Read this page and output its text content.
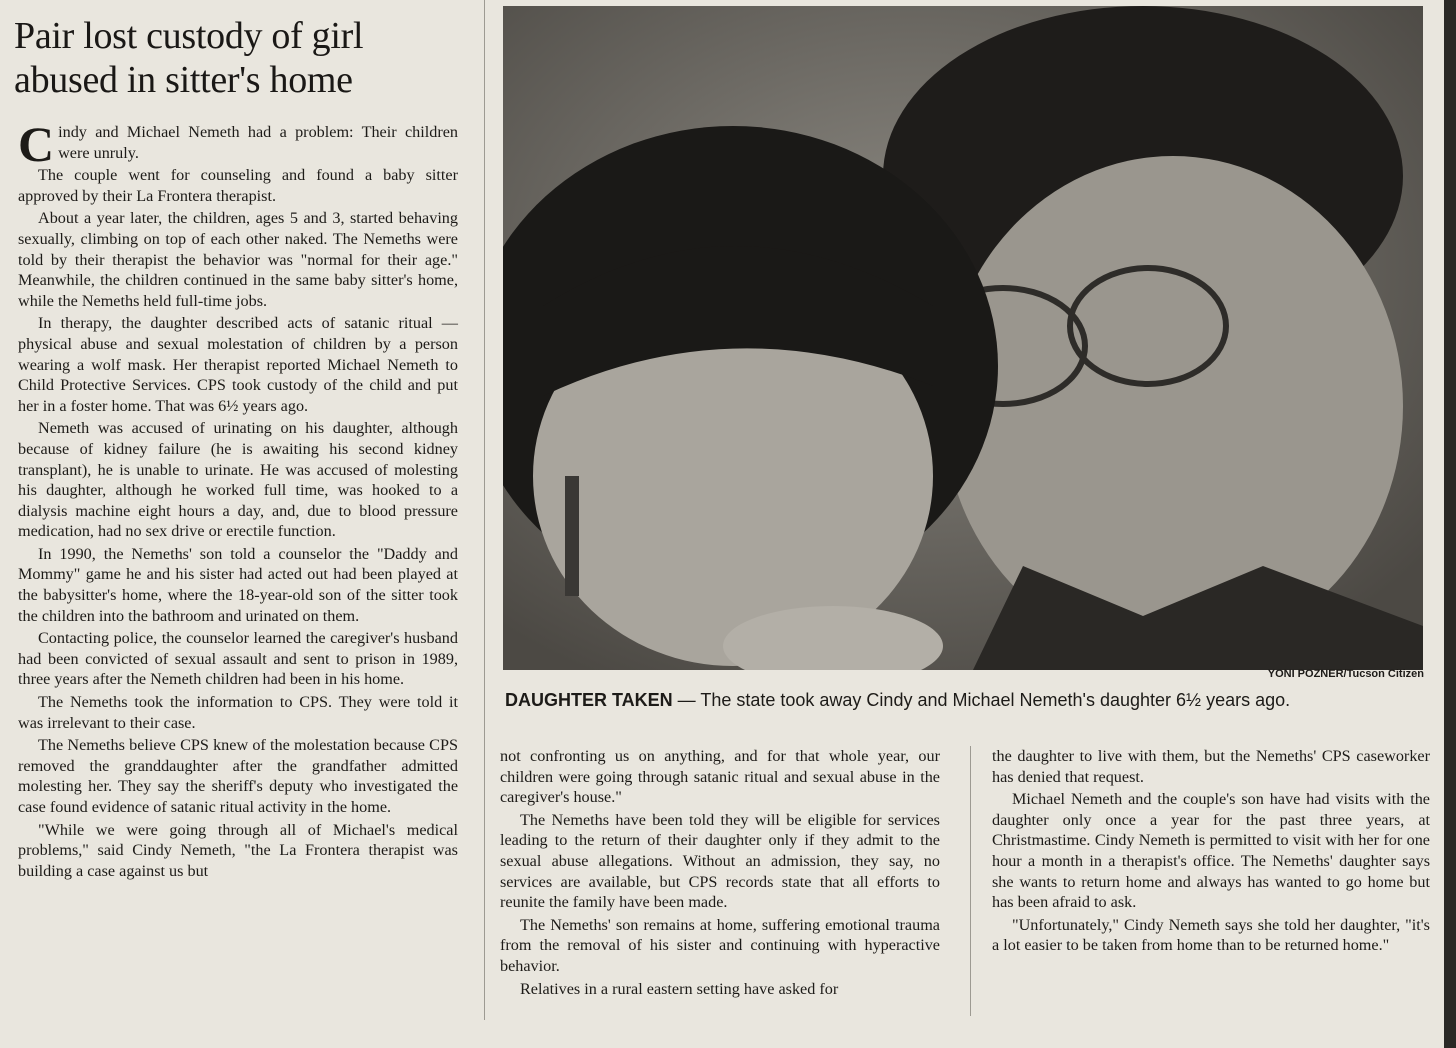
Pair lost custody of girl
abused in sitter's home

Cindy and Michael Nemeth had a problem: Their children were unruly.

The couple went for counseling and found a baby sitter approved by their La Frontera therapist.

About a year later, the children, ages 5 and 3, started behaving sexually, climbing on top of each other naked. The Nemeths were told by their therapist the behavior was "normal for their age." Meanwhile, the children continued in the same baby sitter's home, while the Nemeths held full-time jobs.

In therapy, the daughter described acts of satanic ritual — physical abuse and sexual molestation of children by a person wearing a wolf mask. Her therapist reported Michael Nemeth to Child Protective Services. CPS took custody of the child and put her in a foster home. That was 6½ years ago.

Nemeth was accused of urinating on his daughter, although because of kidney failure (he is awaiting his second kidney transplant), he is unable to urinate. He was accused of molesting his daughter, although he worked full time, was hooked to a dialysis machine eight hours a day, and, due to blood pressure medication, had no sex drive or erectile function.

In 1990, the Nemeths' son told a counselor the "Daddy and Mommy" game he and his sister had acted out had been played at the babysitter's home, where the 18-year-old son of the sitter took the children into the bathroom and urinated on them.

Contacting police, the counselor learned the caregiver's husband had been convicted of sexual assault and sent to prison in 1989, three years after the Nemeth children had been in his home.

The Nemeths took the information to CPS. They were told it was irrelevant to their case.

The Nemeths believe CPS knew of the molestation because CPS removed the granddaughter after the grandfather admitted molesting her. They say the sheriff's deputy who investigated the case found evidence of satanic ritual activity in the home.

"While we were going through all of Michael's medical problems," said Cindy Nemeth, "the La Frontera therapist was building a case against us but

YONI POZNER/Tucson Citizen
DAUGHTER TAKEN — The state took away Cindy and Michael Nemeth's daughter 6½ years ago.

not confronting us on anything, and for that whole year, our children were going through satanic ritual and sexual abuse in the caregiver's house."

The Nemeths have been told they will be eligible for services leading to the return of their daughter only if they admit to the sexual abuse allegations. Without an admission, they say, no services are available, but CPS records state that all efforts to reunite the family have been made.

The Nemeths' son remains at home, suffering emotional trauma from the removal of his sister and continuing with hyperactive behavior.

Relatives in a rural eastern setting have asked for

the daughter to live with them, but the Nemeths' CPS caseworker has denied that request.

Michael Nemeth and the couple's son have had visits with the daughter only once a year for the past three years, at Christmastime. Cindy Nemeth is permitted to visit with her for one hour a month in a therapist's office. The Nemeths' daughter says she wants to return home and always has wanted to go home but has been afraid to ask.

"Unfortunately," Cindy Nemeth says she told her daughter, "it's a lot easier to be taken from home than to be returned home."
